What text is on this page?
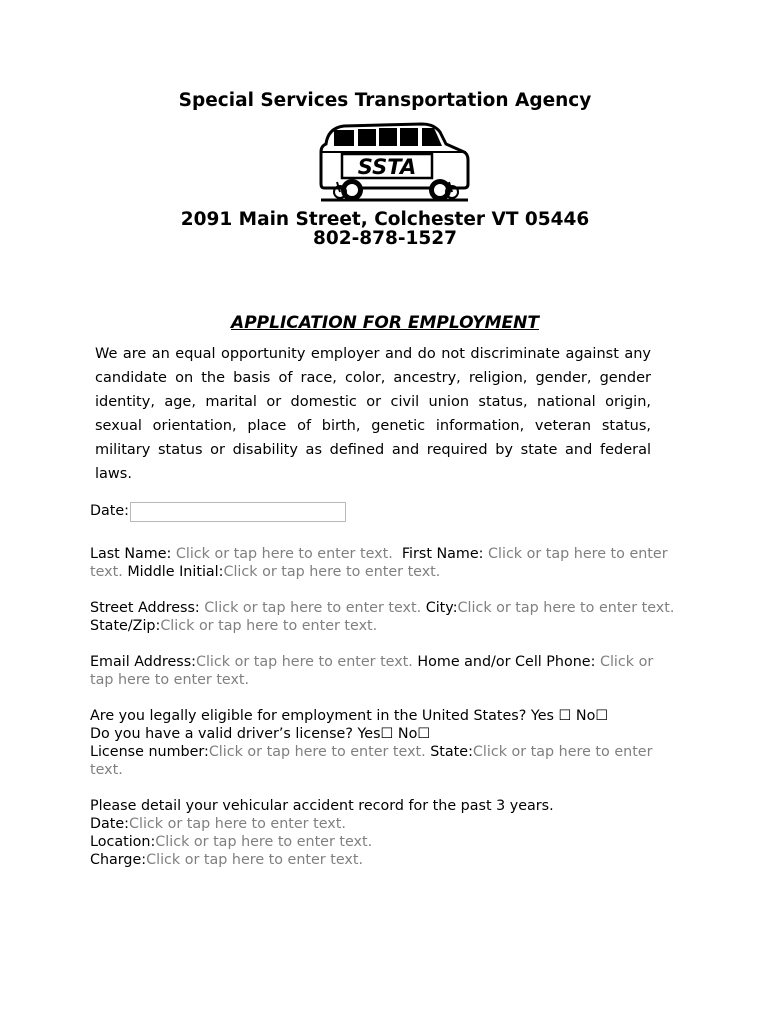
Special Services Transportation Agency
SSTA
2091 Main Street, Colchester VT 05446
802-878-1527
APPLICATION FOR EMPLOYMENT
We are an equal opportunity employer and do not discriminate against any candidate on the basis of race, color, ancestry, religion, gender, gender identity, age, marital or domestic or civil union status, national origin, sexual orientation, place of birth, genetic information, veteran status, military status or disability as defined and required by state and federal laws.
Date:
Last Name: Click or tap here to enter text.  First Name: Click or tap here to enter text. Middle Initial:Click or tap here to enter text.
Street Address: Click or tap here to enter text. City:Click or tap here to enter text. State/Zip:Click or tap here to enter text.
Email Address:Click or tap here to enter text. Home and/or Cell Phone: Click or tap here to enter text.
Are you legally eligible for employment in the United States? Yes ☐ No☐
Do you have a valid driver’s license? Yes☐ No☐
License number:Click or tap here to enter text. State:Click or tap here to enter text.
Please detail your vehicular accident record for the past 3 years.
Date:Click or tap here to enter text.
Location:Click or tap here to enter text.
Charge:Click or tap here to enter text.
